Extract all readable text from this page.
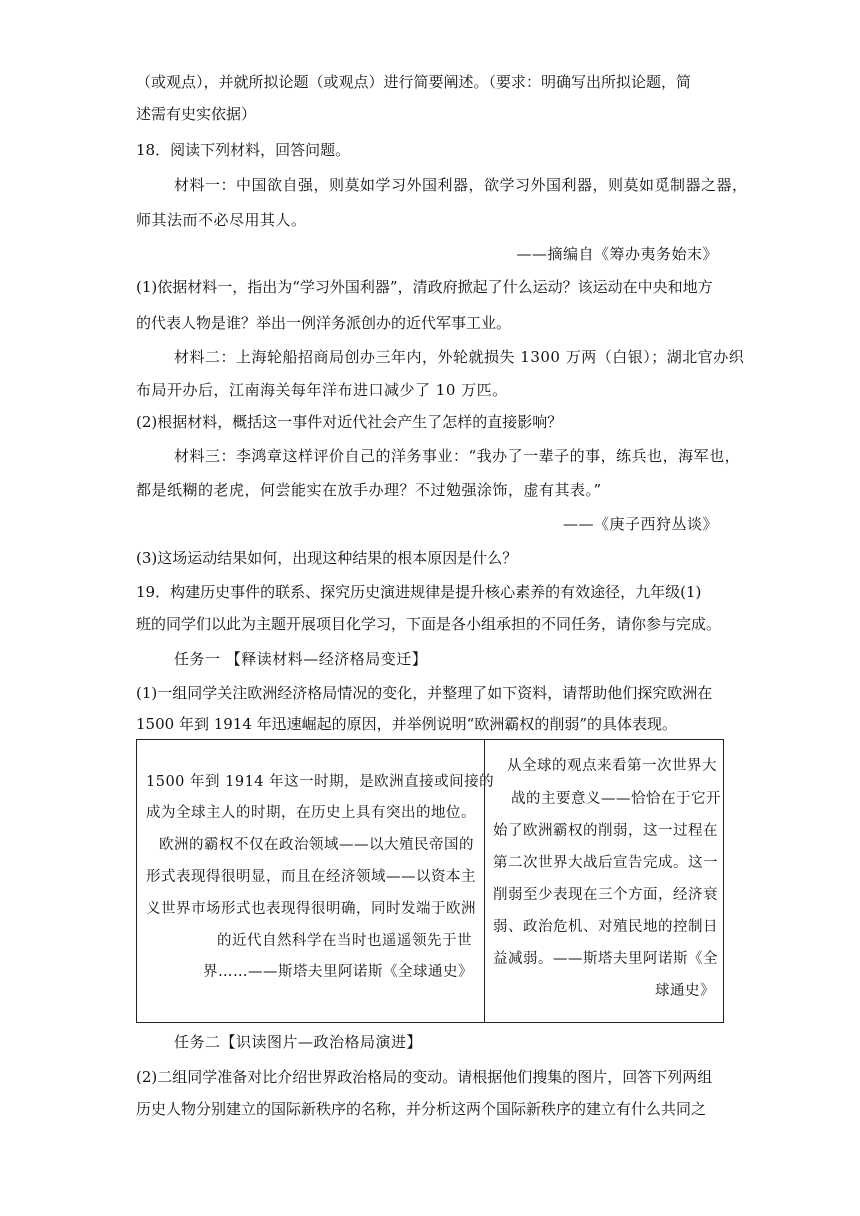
（或观点），并就所拟论题（或观点）进行简要阐述。（要求：明确写出所拟论题，简
述需有史实依据）
18．阅读下列材料，回答问题。
材料一：中国欲自强，则莫如学习外国利器，欲学习外国利器，则莫如觅制器之器，
师其法而不必尽用其人。
——摘编自《筹办夷务始末》
(1)依据材料一，指出为“学习外国利器”，清政府掀起了什么运动？该运动在中央和地方
的代表人物是谁？举出一例洋务派创办的近代军事工业。
材料二：上海轮船招商局创办三年内，外轮就损失 1300 万两（白银）；湖北官办织
布局开办后，江南海关每年洋布进口减少了 10 万匹。
(2)根据材料，概括这一事件对近代社会产生了怎样的直接影响？
材料三：李鸿章这样评价自己的洋务事业：“我办了一辈子的事，练兵也，海军也，
都是纸糊的老虎，何尝能实在放手办理？不过勉强涂饰，虚有其表。”
——《庚子西狩丛谈》
(3)这场运动结果如何，出现这种结果的根本原因是什么？
19．构建历史事件的联系、探究历史演进规律是提升核心素养的有效途径，九年级(1)
班的同学们以此为主题开展项目化学习，下面是各小组承担的不同任务，请你参与完成。
任务一 【释读材料—经济格局变迁】
(1)一组同学关注欧洲经济格局情况的变化，并整理了如下资料，请帮助他们探究欧洲在
1500 年到 1914 年迅速崛起的原因，并举例说明“欧洲霸权的削弱”的具体表现。
1500 年到 1914 年这一时期，是欧洲直接或间接的
成为全球主人的时期，在历史上具有突出的地位。
欧洲的霸权不仅在政治领域——以大殖民帝国的
形式表现得很明显，而且在经济领域——以资本主
义世界市场形式也表现得很明确，同时发端于欧洲
的近代自然科学在当时也遥遥领先于世
界……——斯塔夫里阿诺斯《全球通史》
从全球的观点来看第一次世界大
战的主要意义——恰恰在于它开
始了欧洲霸权的削弱，这一过程在
第二次世界大战后宣告完成。这一
削弱至少表现在三个方面，经济衰
弱、政治危机、对殖民地的控制日
益减弱。——斯塔夫里阿诺斯《全
球通史》
任务二【识读图片—政治格局演进】
(2)二组同学准备对比介绍世界政治格局的变动。请根据他们搜集的图片，回答下列两组
历史人物分别建立的国际新秩序的名称，并分析这两个国际新秩序的建立有什么共同之
